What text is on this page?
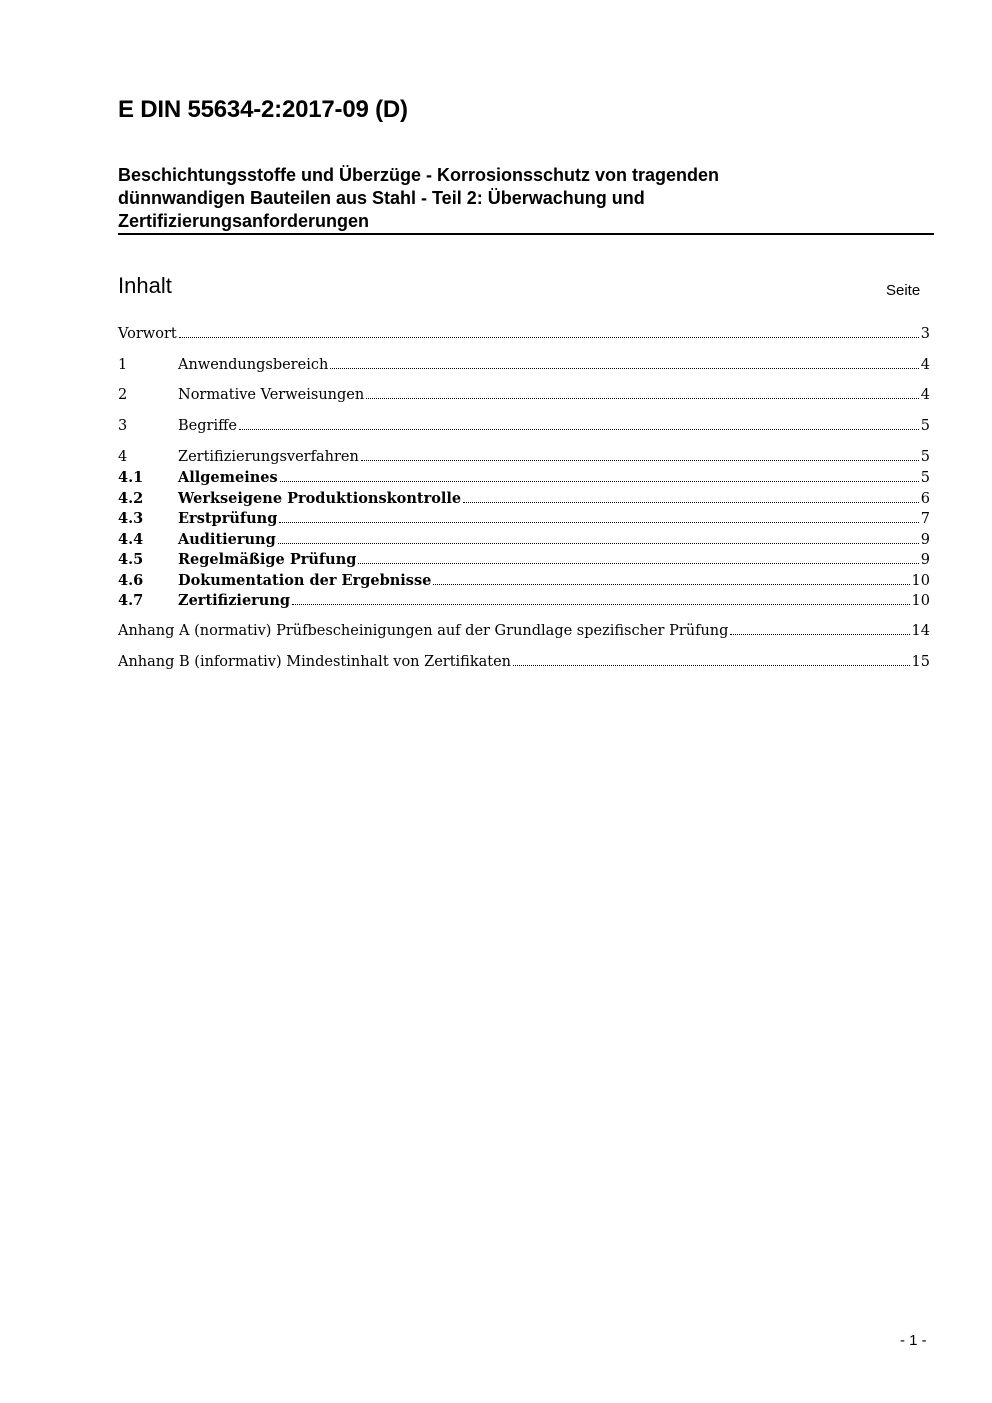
E DIN 55634-2:2017-09 (D)
Beschichtungsstoffe und Überzüge - Korrosionsschutz von tragenden
dünnwandigen Bauteilen aus Stahl - Teil 2: Überwachung und
Zertifizierungsanforderungen
Inhalt	Seite
Vorwort	3
1	Anwendungsbereich	4
2	Normative Verweisungen	4
3	Begriffe	5
4	Zertifizierungsverfahren	5
4.1	Allgemeines	5
4.2	Werkseigene Produktionskontrolle	6
4.3	Erstprüfung	7
4.4	Auditierung	9
4.5	Regelmäßige Prüfung	9
4.6	Dokumentation der Ergebnisse	10
4.7	Zertifizierung	10
Anhang A (normativ) Prüfbescheinigungen auf der Grundlage spezifischer Prüfung	14
Anhang B (informativ) Mindestinhalt von Zertifikaten	15
- 1 -
